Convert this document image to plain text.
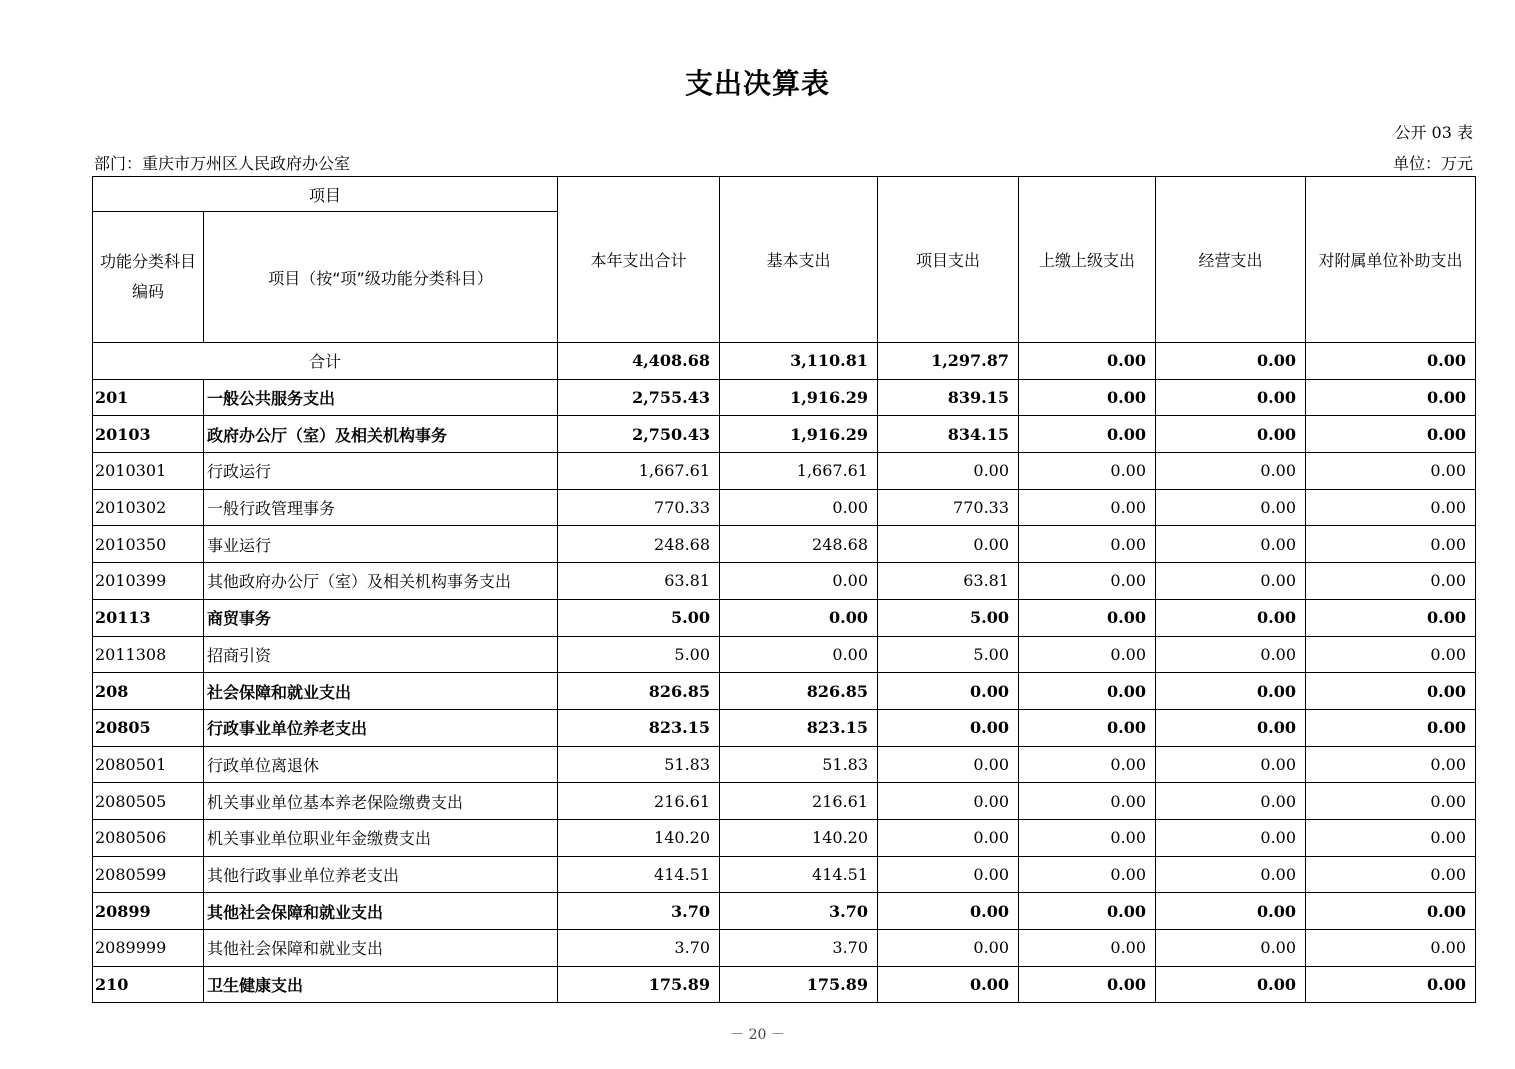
支出决算表
公开 03 表
部门：重庆市万州区人民政府办公室	单位：万元
项目		本年支出合计	基本支出	项目支出	上缴上级支出	经营支出	对附属单位补助支出
功能分类科目编码	项目（按“项”级功能分类科目）						
合计		4,408.68	3,110.81	1,297.87	0.00	0.00	0.00
201	一般公共服务支出	2,755.43	1,916.29	839.15	0.00	0.00	0.00
20103	政府办公厅（室）及相关机构事务	2,750.43	1,916.29	834.15	0.00	0.00	0.00
2010301	行政运行	1,667.61	1,667.61	0.00	0.00	0.00	0.00
2010302	一般行政管理事务	770.33	0.00	770.33	0.00	0.00	0.00
2010350	事业运行	248.68	248.68	0.00	0.00	0.00	0.00
2010399	其他政府办公厅（室）及相关机构事务支出	63.81	0.00	63.81	0.00	0.00	0.00
20113	商贸事务	5.00	0.00	5.00	0.00	0.00	0.00
2011308	招商引资	5.00	0.00	5.00	0.00	0.00	0.00
208	社会保障和就业支出	826.85	826.85	0.00	0.00	0.00	0.00
20805	行政事业单位养老支出	823.15	823.15	0.00	0.00	0.00	0.00
2080501	行政单位离退休	51.83	51.83	0.00	0.00	0.00	0.00
2080505	机关事业单位基本养老保险缴费支出	216.61	216.61	0.00	0.00	0.00	0.00
2080506	机关事业单位职业年金缴费支出	140.20	140.20	0.00	0.00	0.00	0.00
2080599	其他行政事业单位养老支出	414.51	414.51	0.00	0.00	0.00	0.00
20899	其他社会保障和就业支出	3.70	3.70	0.00	0.00	0.00	0.00
2089999	其他社会保障和就业支出	3.70	3.70	0.00	0.00	0.00	0.00
210	卫生健康支出	175.89	175.89	0.00	0.00	0.00	0.00
－ 20 －
